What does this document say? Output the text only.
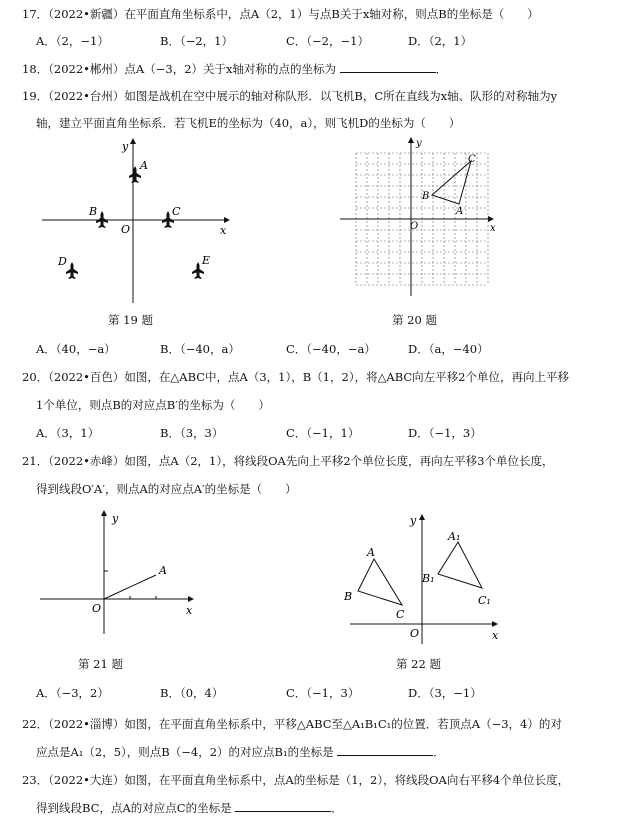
17．（2022•新疆）在平面直角坐标系中，点A（2，1）与点B关于x轴对称，则点B的坐标是（　　）
A．（2，−1）	B．（−2，1）	C．（−2，−1）	D．（2，1）
18．（2022•郴州）点A（−3，2）关于x轴对称的点的坐标为	．
19．（2022•台州）如图是战机在空中展示的轴对称队形．以飞机B，C所在直线为x轴、队形的对称轴为y
轴，建立平面直角坐标系．若飞机E的坐标为（40，a），则飞机D的坐标为（　　）
A
B	C
D	E
O	x
y
第 19 题
C
B
A
O	x
y
第 20 题
A．（40，−a）	B．（−40，a）	C．（−40，−a）	D．（a，−40）
20．（2022•百色）如图，在△ABC中，点A（3，1），B（1，2），将△ABC向左平移2个单位，再向上平移
1个单位，则点B的对应点B′的坐标为（　　）
A．（3，1）	B．（3，3）	C．（−1，1）	D．（−1，3）
21．（2022•赤峰）如图，点A（2，1），将线段OA先向上平移2个单位长度，再向左平移3个单位长度，
得到线段O′A′，则点A的对应点A′的坐标是（　　）
A
O	x
y
第 21 题
A
B
C
A₁
B₁
C₁
O	x
y
第 22 题
A．（−3，2）	B．（0，4）	C．（−1，3）	D．（3，−1）
22．（2022•淄博）如图，在平面直角坐标系中，平移△ABC至△A₁B₁C₁的位置．若顶点A（−3，4）的对
应点是A₁（2，5），则点B（−4，2）的对应点B₁的坐标是	．
23．（2022•大连）如图，在平面直角坐标系中，点A的坐标是（1，2），将线段OA向右平移4个单位长度，
得到线段BC，点A的对应点C的坐标是	．
